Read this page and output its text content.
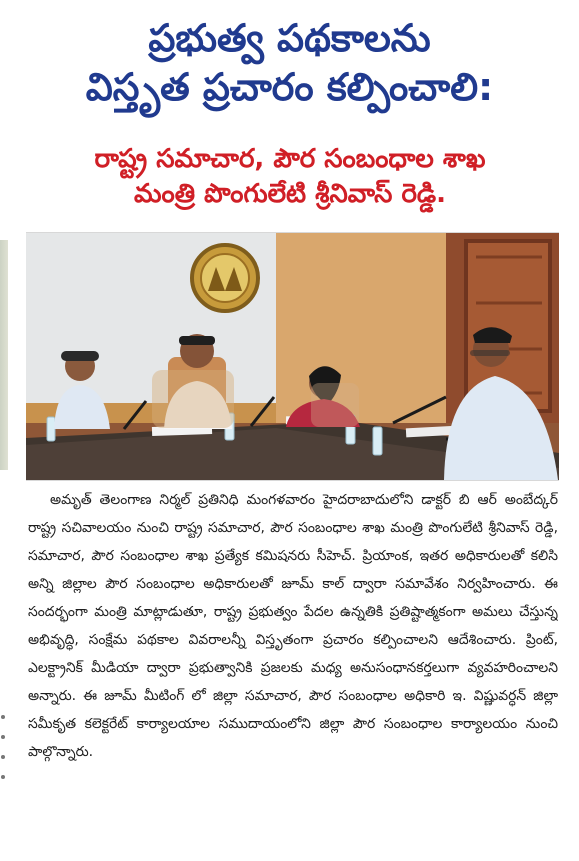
ప్రభుత్వ పథకాలను
విస్తృత ప్రచారం కల్పించాలి:
రాష్ట్ర సమాచార, పౌర సంబంధాల శాఖ
మంత్రి పొంగులేటి శ్రీనివాస్ రెడ్డి.
అమృత్ తెలంగాణ నిర్మల్ ప్రతినిధి మంగళవారం హైదరాబాదులోని డాక్టర్ బి ఆర్ అంబేద్కర్ రాష్ట్ర సచివాలయం నుంచి రాష్ట్ర సమాచార, పౌర సంబంధాల శాఖ మంత్రి పొంగులేటి శ్రీనివాస్ రెడ్డి, సమాచార, పౌర సంబంధాల శాఖ ప్రత్యేక కమిషనరు సీహెచ్. ప్రియాంక, ఇతర అధికారులతో కలిసి అన్ని జిల్లాల పౌర సంబంధాల అధికారులతో జూమ్ కాల్ ద్వారా సమావేశం నిర్వహించారు. ఈ సందర్భంగా మంత్రి మాట్లాడుతూ, రాష్ట్ర ప్రభుత్వం పేదల ఉన్నతికి ప్రతిష్టాత్మకంగా అమలు చేస్తున్న అభివృద్ధి, సంక్షేమ పథకాల వివరాలన్నీ విస్తృతంగా ప్రచారం కల్పించాలని ఆదేశించారు. ప్రింట్, ఎలక్ట్రానిక్ మీడియా ద్వారా ప్రభుత్వానికి ప్రజలకు మధ్య అనుసంధానకర్తలుగా వ్యవహరించాలని అన్నారు. ఈ జూమ్ మీటింగ్ లో జిల్లా సమాచార, పౌర సంబంధాల అధికారి ఇ. విష్ణువర్ధన్ జిల్లా సమీకృత కలెక్టరేట్ కార్యాలయాల సముదాయంలోని జిల్లా పౌర సంబంధాల కార్యాలయం నుంచి పాల్గొన్నారు.
